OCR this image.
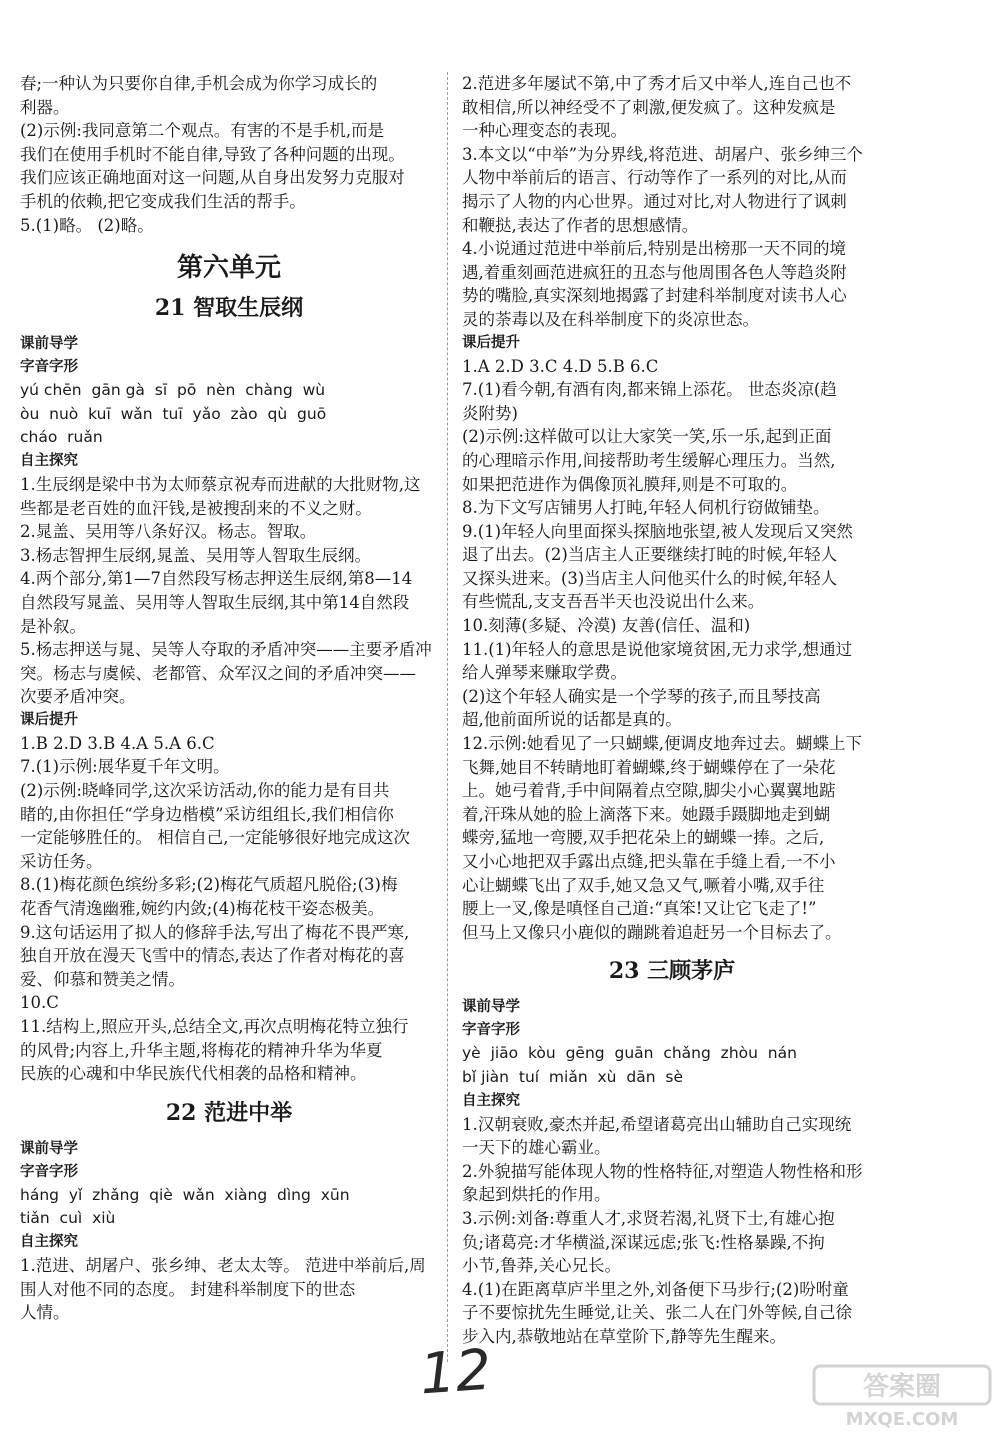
春;一种认为只要你自律,手机会成为你学习成长的
利器。
(2)示例:我同意第二个观点。有害的不是手机,而是
我们在使用手机时不能自律,导致了各种问题的出现。
我们应该正确地面对这一问题,从自身出发努力克服对
手机的依赖,把它变成我们生活的帮手。
5.(1)略。 (2)略。
第六单元
21 智取生辰纲
课前导学
字音字形
yú chēn  gān gà  sī  pō  nèn  chàng  wù
òu  nuò  kuī  wǎn  tuī  yǎo  zào  qù  guō
cháo  ruǎn
自主探究
1.生辰纲是梁中书为太师蔡京祝寿而进献的大批财物,这
些都是老百姓的血汗钱,是被搜刮来的不义之财。
2.晁盖、吴用等八条好汉。杨志。智取。
3.杨志智押生辰纲,晁盖、吴用等人智取生辰纲。
4.两个部分,第1—7自然段写杨志押送生辰纲,第8—14
自然段写晁盖、吴用等人智取生辰纲,其中第14自然段
是补叙。
5.杨志押送与晁、吴等人夺取的矛盾冲突——主要矛盾冲
突。杨志与虞候、老都管、众军汉之间的矛盾冲突——
次要矛盾冲突。
课后提升
1.B 2.D 3.B 4.A 5.A 6.C
7.(1)示例:展华夏千年文明。
(2)示例:晓峰同学,这次采访活动,你的能力是有目共
睹的,由你担任“学身边楷模”采访组组长,我们相信你
一定能够胜任的。 相信自己,一定能够很好地完成这次
采访任务。
8.(1)梅花颜色缤纷多彩;(2)梅花气质超凡脱俗;(3)梅
花香气清逸幽雅,婉约内敛;(4)梅花枝干姿态极美。
9.这句话运用了拟人的修辞手法,写出了梅花不畏严寒,
独自开放在漫天飞雪中的情态,表达了作者对梅花的喜
爱、仰慕和赞美之情。
10.C
11.结构上,照应开头,总结全文,再次点明梅花特立独行
的风骨;内容上,升华主题,将梅花的精神升华为华夏
民族的心魂和中华民族代代相袭的品格和精神。
22 范进中举
课前导学
字音字形
háng  yǐ  zhǎng  qiè  wǎn  xiàng  dìng  xūn
tiǎn  cuì  xiù
自主探究
1.范进、胡屠户、张乡绅、老太太等。 范进中举前后,周
围人对他不同的态度。 封建科举制度下的世态
人情。
2.范进多年屡试不第,中了秀才后又中举人,连自己也不
敢相信,所以神经受不了刺激,便发疯了。这种发疯是
一种心理变态的表现。
3.本文以“中举”为分界线,将范进、胡屠户、张乡绅三个
人物中举前后的语言、行动等作了一系列的对比,从而
揭示了人物的内心世界。通过对比,对人物进行了讽刺
和鞭挞,表达了作者的思想感情。
4.小说通过范进中举前后,特别是出榜那一天不同的境
遇,着重刻画范进疯狂的丑态与他周围各色人等趋炎附
势的嘴脸,真实深刻地揭露了封建科举制度对读书人心
灵的荼毒以及在科举制度下的炎凉世态。
课后提升
1.A 2.D 3.C 4.D 5.B 6.C
7.(1)看今朝,有酒有肉,都来锦上添花。 世态炎凉(趋
炎附势)
(2)示例:这样做可以让大家笑一笑,乐一乐,起到正面
的心理暗示作用,间接帮助考生缓解心理压力。当然,
如果把范进作为偶像顶礼膜拜,则是不可取的。
8.为下文写店铺男人打盹,年轻人伺机行窃做铺垫。
9.(1)年轻人向里面探头探脑地张望,被人发现后又突然
退了出去。(2)当店主人正要继续打盹的时候,年轻人
又探头进来。(3)当店主人问他买什么的时候,年轻人
有些慌乱,支支吾吾半天也没说出什么来。
10.刻薄(多疑、冷漠) 友善(信任、温和)
11.(1)年轻人的意思是说他家境贫困,无力求学,想通过
给人弹琴来赚取学费。
(2)这个年轻人确实是一个学琴的孩子,而且琴技高
超,他前面所说的话都是真的。
12.示例:她看见了一只蝴蝶,便调皮地奔过去。蝴蝶上下
飞舞,她目不转睛地盯着蝴蝶,终于蝴蝶停在了一朵花
上。她弓着背,手中间隔着点空隙,脚尖小心翼翼地踮
着,汗珠从她的脸上滴落下来。她蹑手蹑脚地走到蝴
蝶旁,猛地一弯腰,双手把花朵上的蝴蝶一捧。之后,
又小心地把双手露出点缝,把头靠在手缝上看,一不小
心让蝴蝶飞出了双手,她又急又气,噘着小嘴,双手往
腰上一叉,像是嗔怪自己道:“真笨!又让它飞走了!”
但马上又像只小鹿似的蹦跳着追赶另一个目标去了。
23 三顾茅庐
课前导学
字音字形
yè  jiāo  kòu  gēng  guān  chǎng  zhòu  nán
bǐ jiàn  tuí  miǎn  xù  dān  sè
自主探究
1.汉朝衰败,豪杰并起,希望诸葛亮出山辅助自己实现统
一天下的雄心霸业。
2.外貌描写能体现人物的性格特征,对塑造人物性格和形
象起到烘托的作用。
3.示例:刘备:尊重人才,求贤若渴,礼贤下士,有雄心抱
负;诸葛亮:才华横溢,深谋远虑;张飞:性格暴躁,不拘
小节,鲁莽,关心兄长。
4.(1)在距离草庐半里之外,刘备便下马步行;(2)吩咐童
子不要惊扰先生睡觉,让关、张二人在门外等候,自己徐
步入内,恭敬地站在草堂阶下,静等先生醒来。
12	答案圈
MXQE.COM
